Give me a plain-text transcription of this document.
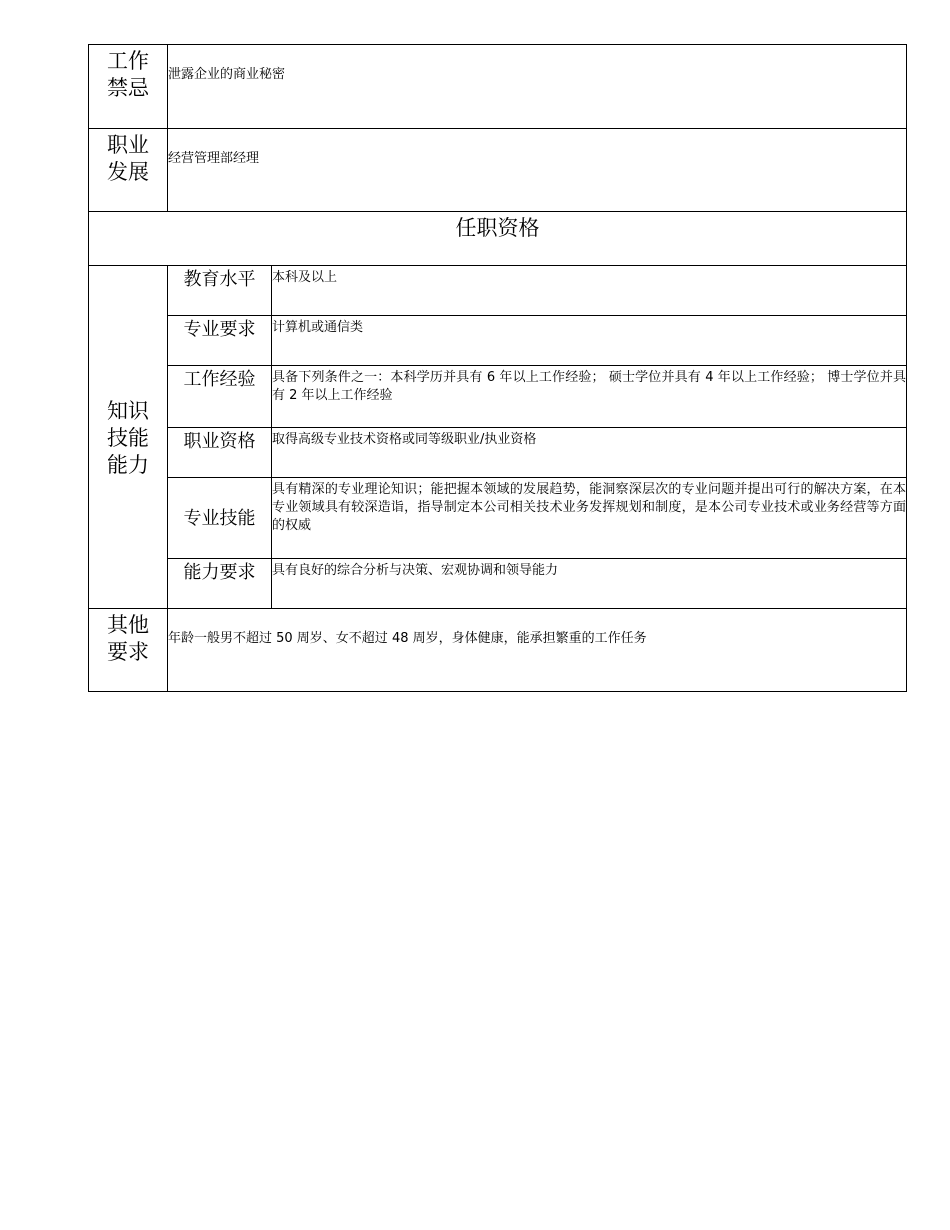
工作
禁忌	泄露企业的商业秘密	

职业
发展	经营管理部经理	
任职资格		

知识
技能
能力	教育水平	本科及以上
	专业要求	计算机或通信类
	工作经验	具备下列条件之一：本科学历并具有 6 年以上工作经验； 硕士学位并具有 4 年以上工作经验； 博士学位并具有 2 年以上工作经验
	职业资格	取得高级专业技术资格或同等级职业/执业资格
	专业技能	具有精深的专业理论知识；能把握本领域的发展趋势，能洞察深层次的专业问题并提出可行的解决方案，在本专业领域具有较深造诣，指导制定本公司相关技术业务发挥规划和制度，是本公司专业技术或业务经营等方面的权威
	能力要求	具有良好的综合分析与决策、宏观协调和领导能力

其他
要求	年龄一般男不超过 50 周岁、女不超过 48 周岁，身体健康，能承担繁重的工作任务	
